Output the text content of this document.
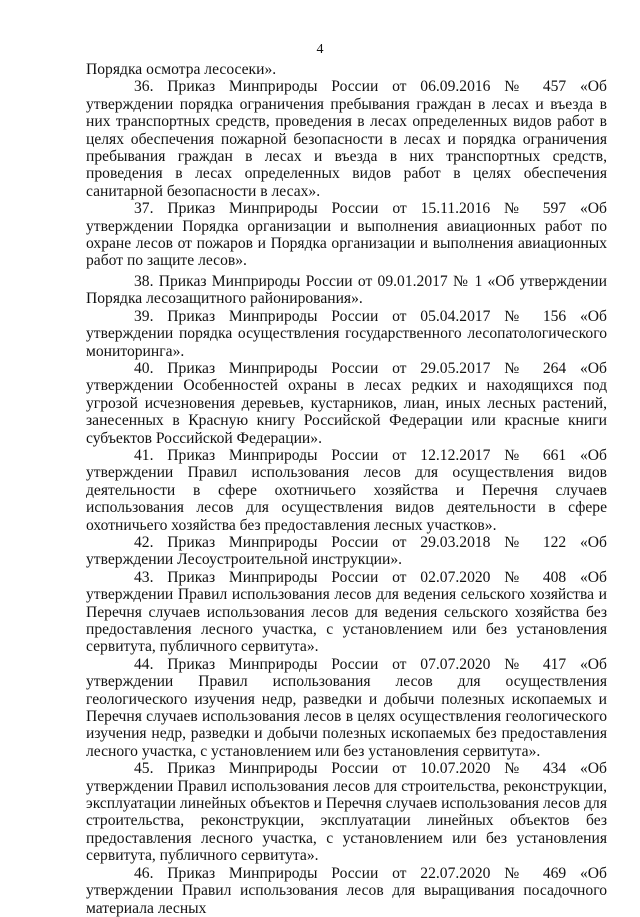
4

Порядка осмотра лесосеки».

36. Приказ Минприроды России от 06.09.2016 № 457 «Об утверждении порядка ограничения пребывания граждан в лесах и въезда в них транспортных средств, проведения в лесах определенных видов работ в целях обеспечения пожарной безопасности в лесах и порядка ограничения пребывания граждан в лесах и въезда в них транспортных средств, проведения в лесах определенных видов работ в целях обеспечения санитарной безопасности в лесах».

37. Приказ Минприроды России от 15.11.2016 № 597 «Об утверждении Порядка организации и выполнения авиационных работ по охране лесов от пожаров и Порядка организации и выполнения авиационных работ по защите лесов».

38. Приказ Минприроды России от 09.01.2017 № 1 «Об утверждении Порядка лесозащитного районирования».

39. Приказ Минприроды России от 05.04.2017 № 156 «Об утверждении порядка осуществления государственного лесопатологического мониторинга».

40. Приказ Минприроды России от 29.05.2017 № 264 «Об утверждении Особенностей охраны в лесах редких и находящихся под угрозой исчезновения деревьев, кустарников, лиан, иных лесных растений, занесенных в Красную книгу Российской Федерации или красные книги субъектов Российской Федерации».

41. Приказ Минприроды России от 12.12.2017 № 661 «Об утверждении Правил использования лесов для осуществления видов деятельности в сфере охотничьего хозяйства и Перечня случаев использования лесов для осуществления видов деятельности в сфере охотничьего хозяйства без предоставления лесных участков».

42. Приказ Минприроды России от 29.03.2018 № 122 «Об утверждении Лесоустроительной инструкции».

43. Приказ Минприроды России от 02.07.2020 № 408 «Об утверждении Правил использования лесов для ведения сельского хозяйства и Перечня случаев использования лесов для ведения сельского хозяйства без предоставления лесного участка, с установлением или без установления сервитута, публичного сервитута».

44. Приказ Минприроды России от 07.07.2020 № 417 «Об утверждении Правил использования лесов для осуществления геологического изучения недр, разведки и добычи полезных ископаемых и Перечня случаев использования лесов в целях осуществления геологического изучения недр, разведки и добычи полезных ископаемых без предоставления лесного участка, с установлением или без установления сервитута».

45. Приказ Минприроды России от 10.07.2020 № 434 «Об утверждении Правил использования лесов для строительства, реконструкции, эксплуатации линейных объектов и Перечня случаев использования лесов для строительства, реконструкции, эксплуатации линейных объектов без предоставления лесного участка, с установлением или без установления сервитута, публичного сервитута».

46. Приказ Минприроды России от 22.07.2020 № 469 «Об утверждении Правил использования лесов для выращивания посадочного материала лесных
